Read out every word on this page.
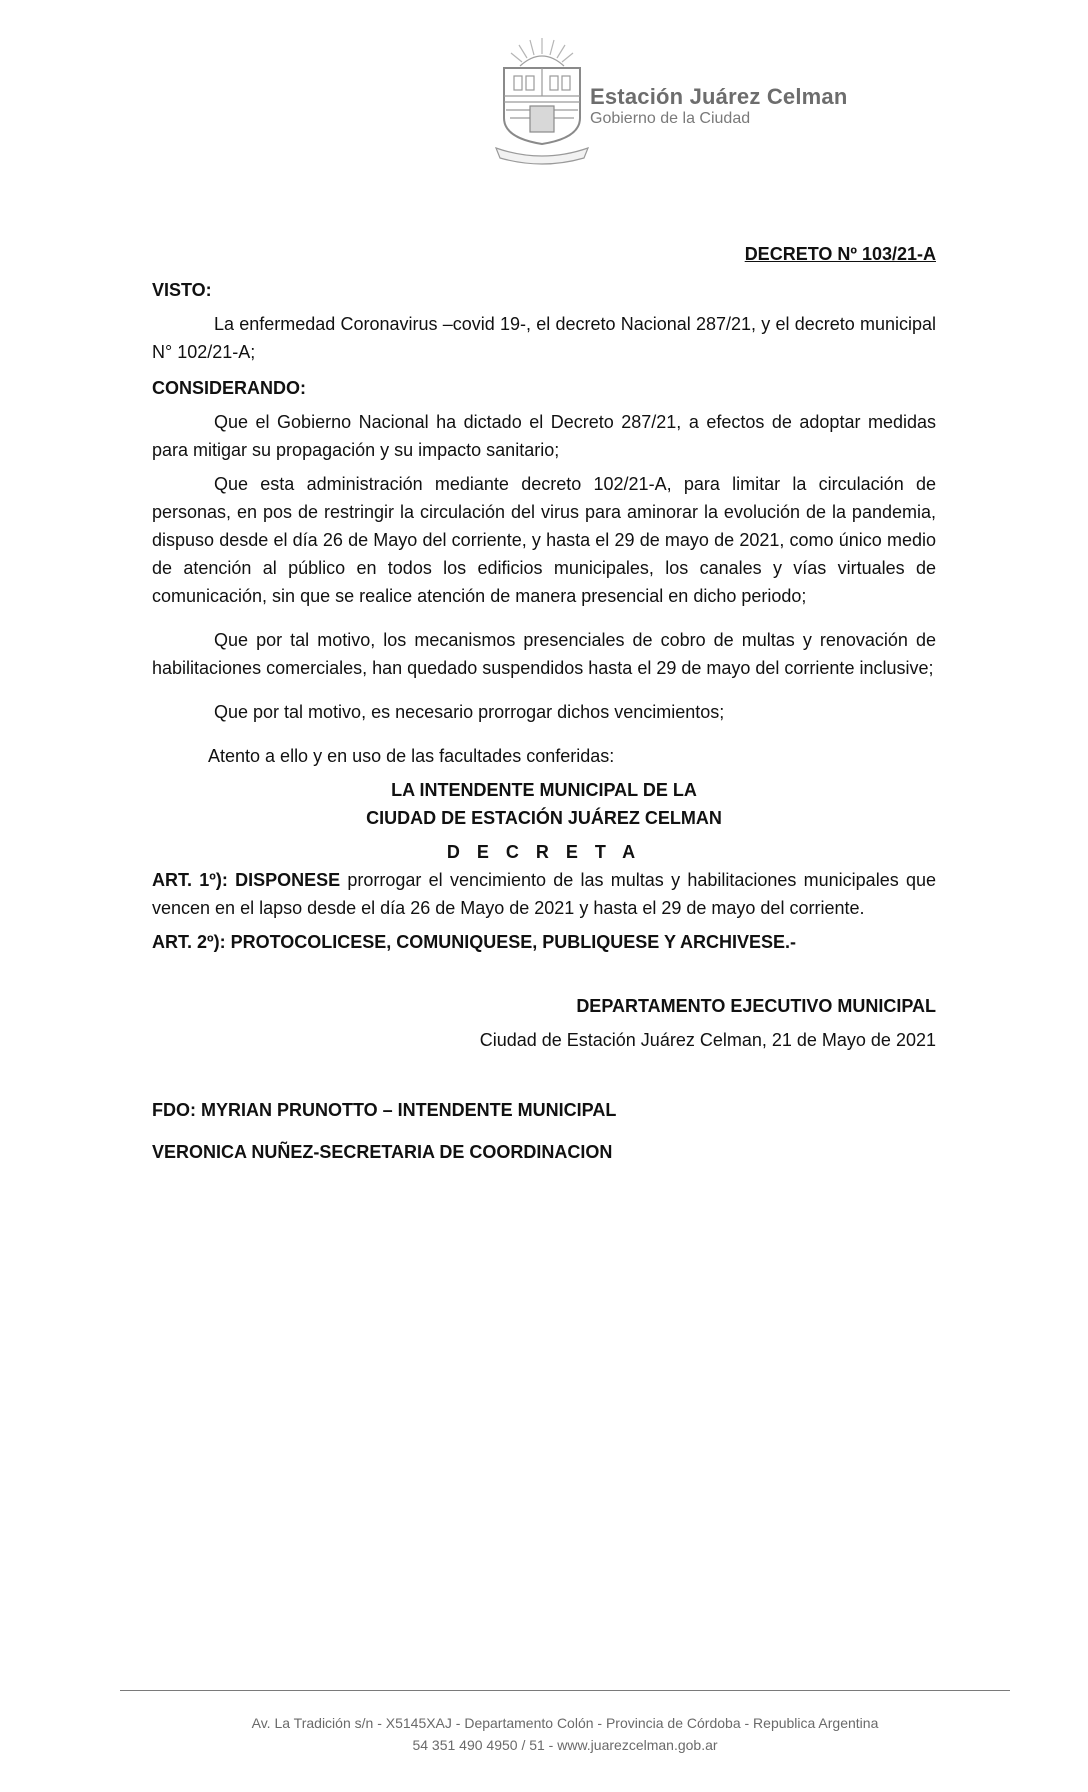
Estación Juárez Celman
Gobierno de la Ciudad

DECRETO Nº 103/21-A

VISTO:

La enfermedad Coronavirus –covid 19-, el decreto Nacional 287/21, y el decreto municipal N° 102/21-A;

CONSIDERANDO:

Que el Gobierno Nacional ha dictado el Decreto 287/21, a efectos de adoptar medidas para mitigar su propagación y su impacto sanitario;

Que esta administración mediante decreto 102/21-A, para limitar la circulación de personas, en pos de restringir la circulación del virus para aminorar la evolución de la pandemia, dispuso desde el día 26 de Mayo del corriente, y hasta el 29 de mayo de 2021, como único medio de atención al público en todos los edificios municipales, los canales y vías virtuales de comunicación, sin que se realice atención de manera presencial en dicho periodo;

Que por tal motivo, los mecanismos presenciales de cobro de multas y renovación de habilitaciones comerciales, han quedado suspendidos hasta el 29 de mayo del corriente inclusive;

Que por tal motivo, es necesario prorrogar dichos vencimientos;

Atento a ello y en uso de las facultades conferidas:

LA INTENDENTE MUNICIPAL DE LA

CIUDAD DE ESTACIÓN JUÁREZ CELMAN

D E C R E T A

ART. 1º): DISPONESE prorrogar el vencimiento de las multas y habilitaciones municipales que vencen en el lapso desde el día 26 de Mayo de 2021 y hasta el 29 de mayo del corriente.

ART. 2º): PROTOCOLICESE, COMUNIQUESE, PUBLIQUESE Y ARCHIVESE.-

DEPARTAMENTO EJECUTIVO MUNICIPAL

Ciudad de Estación Juárez Celman, 21 de Mayo de 2021

FDO: MYRIAN PRUNOTTO – INTENDENTE MUNICIPAL

VERONICA NUÑEZ-SECRETARIA DE COORDINACION

Av. La Tradición s/n - X5145XAJ - Departamento Colón - Provincia de Córdoba - Republica Argentina
54 351 490 4950 / 51 - www.juarezcelman.gob.ar
